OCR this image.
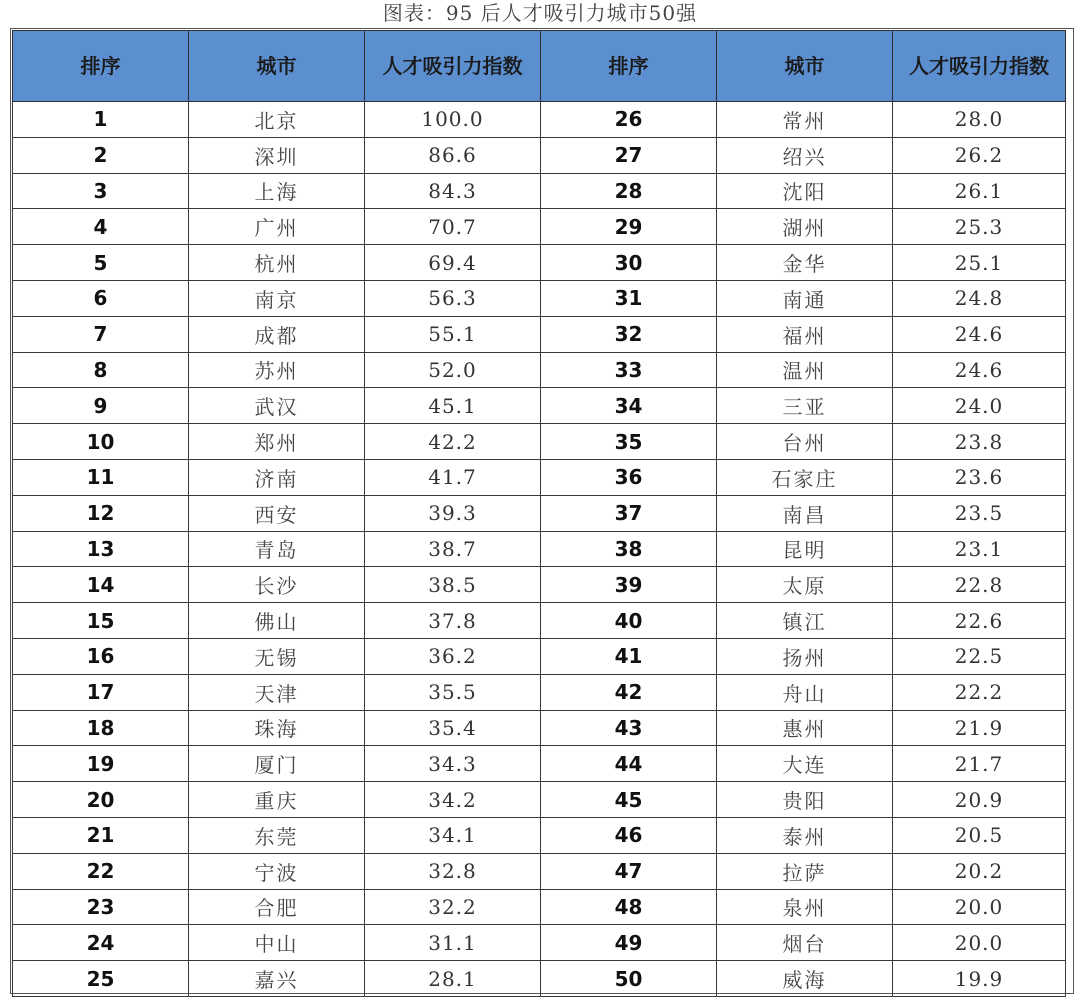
图表：95 后人才吸引力城市50强
排序	城市	人才吸引力指数	排序	城市	人才吸引力指数
1	北京	100.0	26	常州	28.0
2	深圳	86.6	27	绍兴	26.2
3	上海	84.3	28	沈阳	26.1
4	广州	70.7	29	湖州	25.3
5	杭州	69.4	30	金华	25.1
6	南京	56.3	31	南通	24.8
7	成都	55.1	32	福州	24.6
8	苏州	52.0	33	温州	24.6
9	武汉	45.1	34	三亚	24.0
10	郑州	42.2	35	台州	23.8
11	济南	41.7	36	石家庄	23.6
12	西安	39.3	37	南昌	23.5
13	青岛	38.7	38	昆明	23.1
14	长沙	38.5	39	太原	22.8
15	佛山	37.8	40	镇江	22.6
16	无锡	36.2	41	扬州	22.5
17	天津	35.5	42	舟山	22.2
18	珠海	35.4	43	惠州	21.9
19	厦门	34.3	44	大连	21.7
20	重庆	34.2	45	贵阳	20.9
21	东莞	34.1	46	泰州	20.5
22	宁波	32.8	47	拉萨	20.2
23	合肥	32.2	48	泉州	20.0
24	中山	31.1	49	烟台	20.0
25	嘉兴	28.1	50	威海	19.9
